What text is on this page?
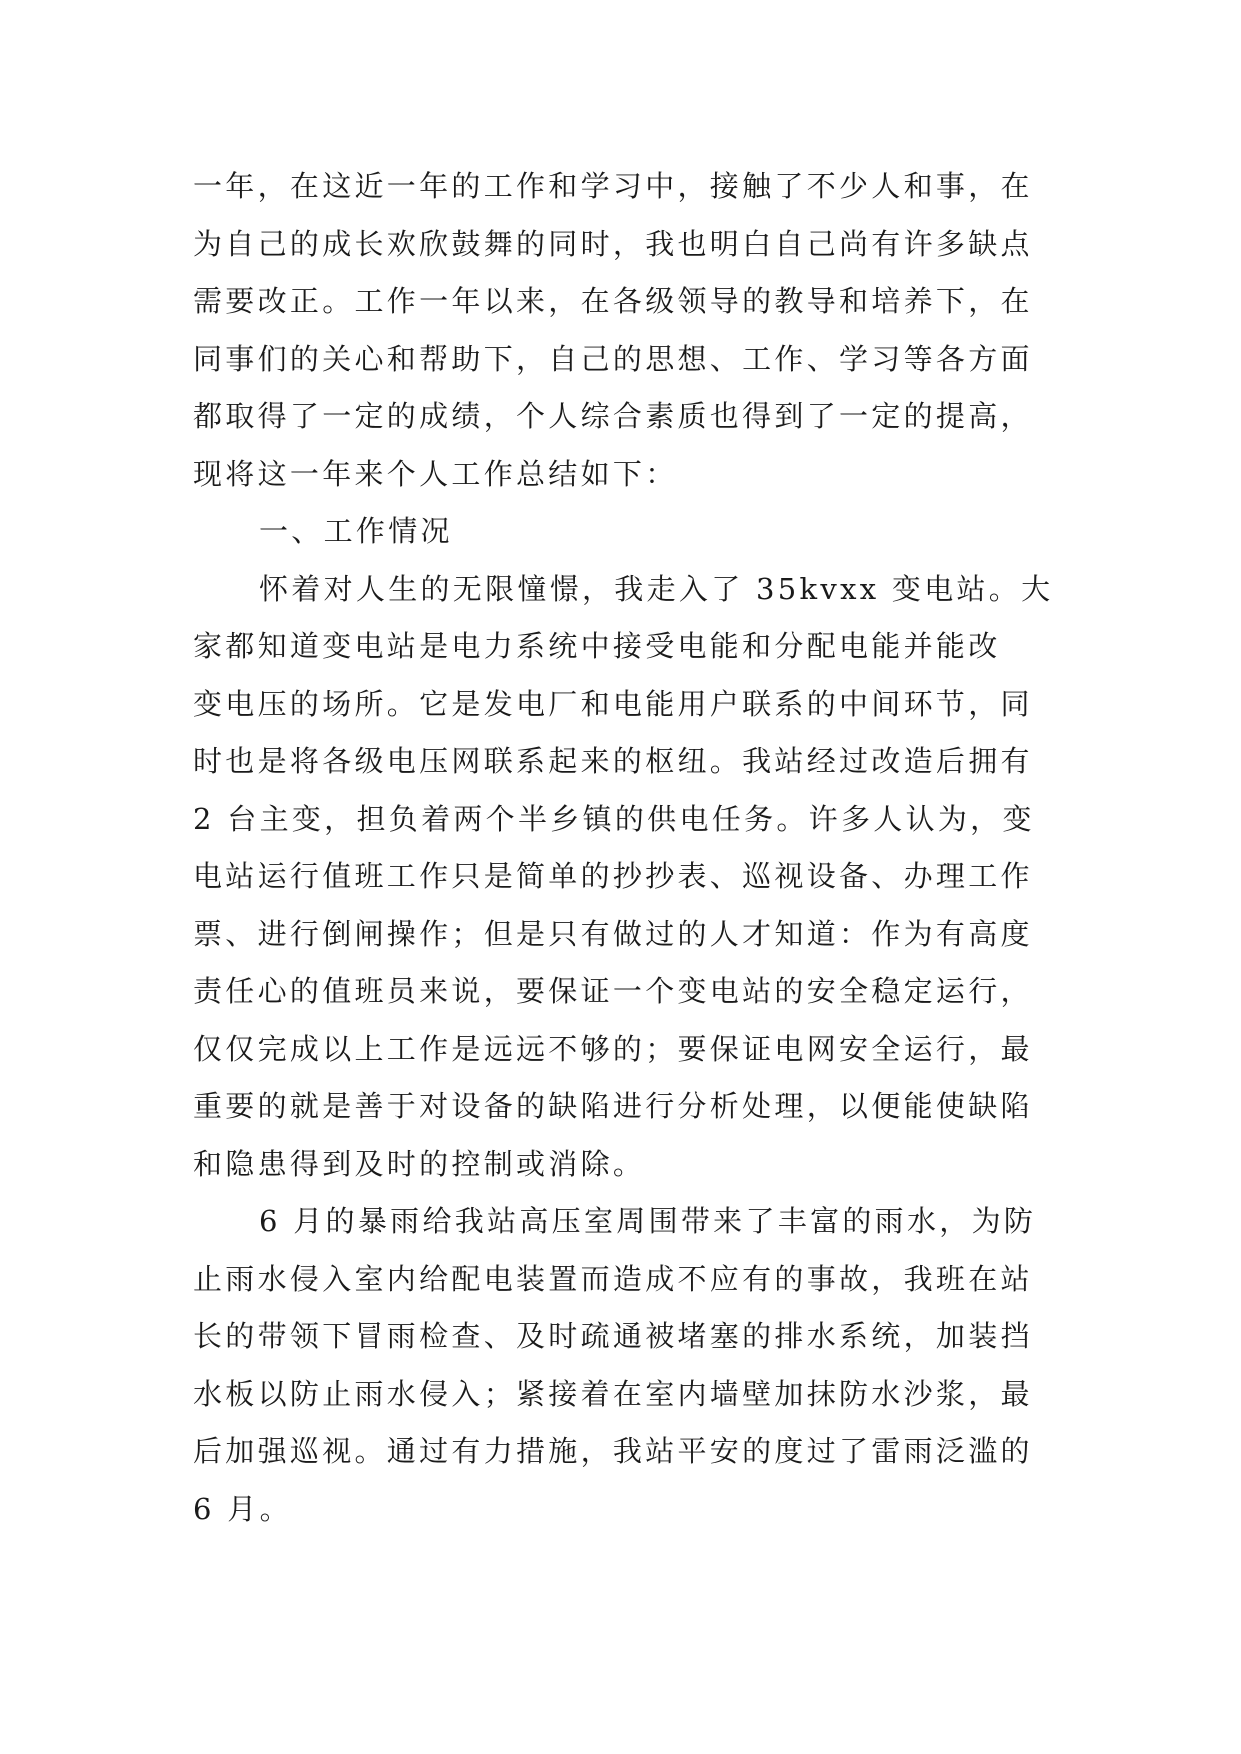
一年，在这近一年的工作和学习中，接触了不少人和事，在
为自己的成长欢欣鼓舞的同时，我也明白自己尚有许多缺点
需要改正。工作一年以来，在各级领导的教导和培养下，在
同事们的关心和帮助下，自己的思想、工作、学习等各方面
都取得了一定的成绩，个人综合素质也得到了一定的提高，
现将这一年来个人工作总结如下：
一、工作情况
怀着对人生的无限憧憬，我走入了 35kvxx 变电站。大
家都知道变电站是电力系统中接受电能和分配电能并能改
变电压的场所。它是发电厂和电能用户联系的中间环节，同
时也是将各级电压网联系起来的枢纽。我站经过改造后拥有
2 台主变，担负着两个半乡镇的供电任务。许多人认为，变
电站运行值班工作只是简单的抄抄表、巡视设备、办理工作
票、进行倒闸操作；但是只有做过的人才知道：作为有高度
责任心的值班员来说，要保证一个变电站的安全稳定运行，
仅仅完成以上工作是远远不够的；要保证电网安全运行，最
重要的就是善于对设备的缺陷进行分析处理，以便能使缺陷
和隐患得到及时的控制或消除。
6 月的暴雨给我站高压室周围带来了丰富的雨水，为防
止雨水侵入室内给配电装置而造成不应有的事故，我班在站
长的带领下冒雨检查、及时疏通被堵塞的排水系统，加装挡
水板以防止雨水侵入；紧接着在室内墙壁加抹防水沙浆，最
后加强巡视。通过有力措施，我站平安的度过了雷雨泛滥的
6 月。
